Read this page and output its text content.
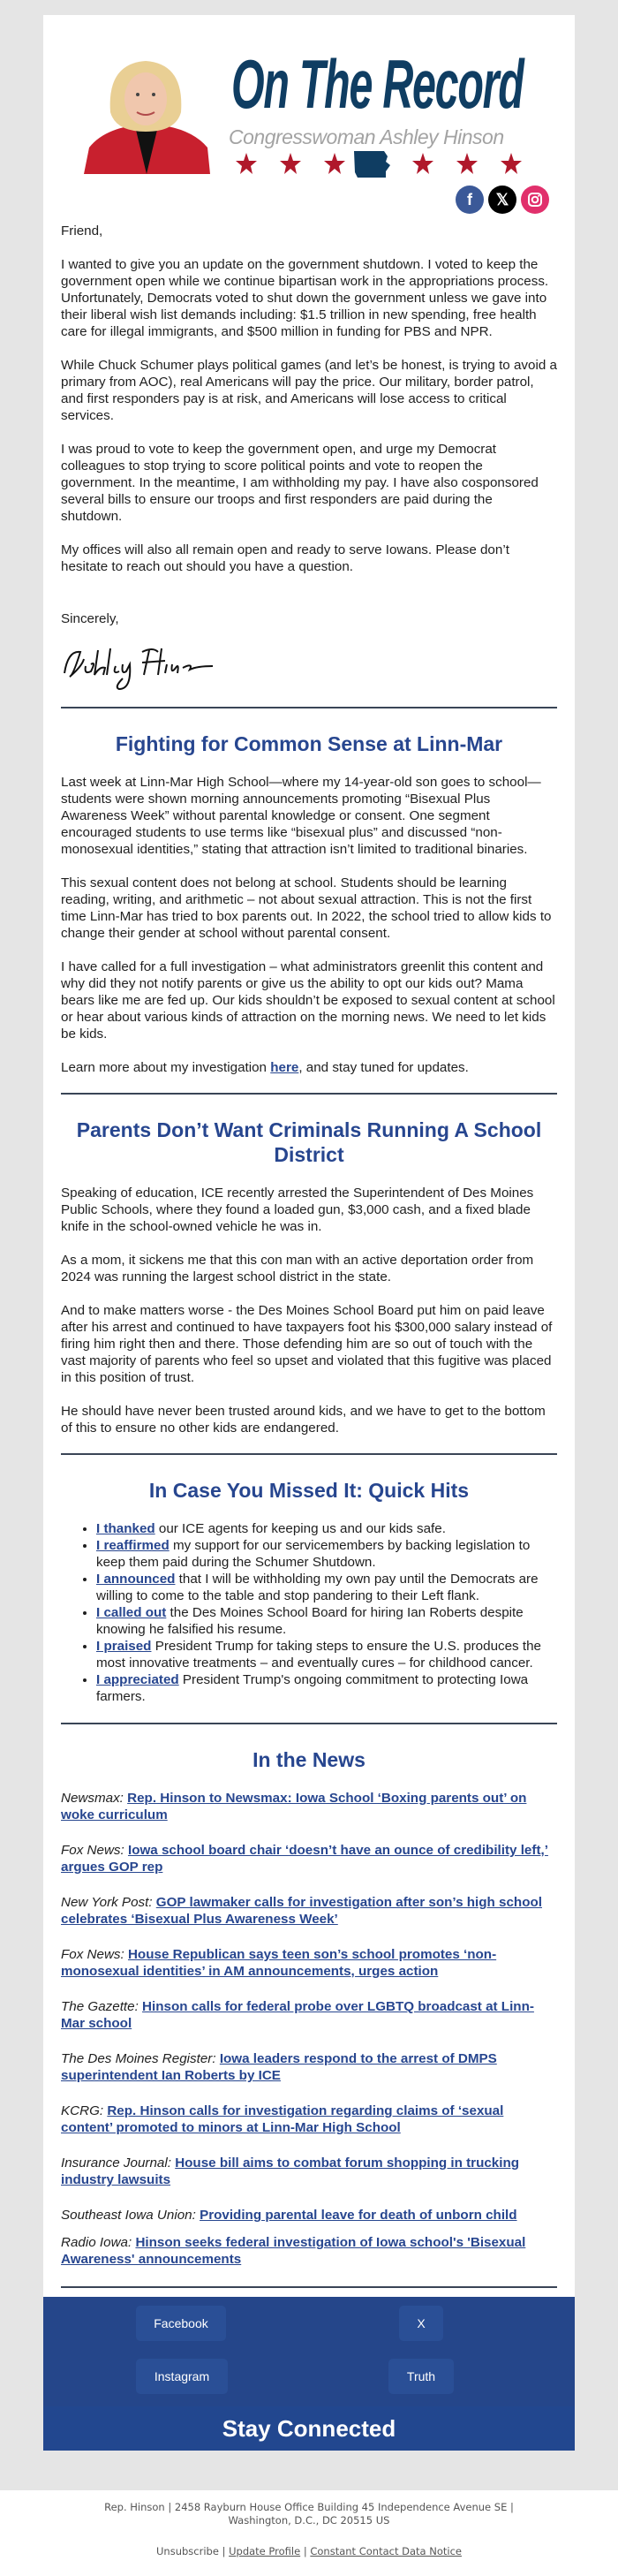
On The Record
Congresswoman Ashley Hinson
f	𝕏

Friend,

I wanted to give you an update on the government shutdown. I voted to keep the government open while we continue bipartisan work in the appropriations process. Unfortunately, Democrats voted to shut down the government unless we gave into their liberal wish list demands including: $1.5 trillion in new spending, free health care for illegal immigrants, and $500 million in funding for PBS and NPR.

While Chuck Schumer plays political games (and let’s be honest, is trying to avoid a primary from AOC), real Americans will pay the price. Our military, border patrol, and first responders pay is at risk, and Americans will lose access to critical services.

I was proud to vote to keep the government open, and urge my Democrat colleagues to stop trying to score political points and vote to reopen the government. In the meantime, I am withholding my pay. I have also cosponsored several bills to ensure our troops and first responders are paid during the shutdown.

My offices will also all remain open and ready to serve Iowans. Please don’t hesitate to reach out should you have a question.

Sincerely,

Fighting for Common Sense at Linn-Mar

Last week at Linn-Mar High School—where my 14-year-old son goes to school—students were shown morning announcements promoting “Bisexual Plus Awareness Week” without parental knowledge or consent. One segment encouraged students to use terms like “bisexual plus” and discussed “non-monosexual identities,” stating that attraction isn’t limited to traditional binaries.

This sexual content does not belong at school. Students should be learning reading, writing, and arithmetic – not about sexual attraction. This is not the first time Linn-Mar has tried to box parents out. In 2022, the school tried to allow kids to change their gender at school without parental consent.

I have called for a full investigation – what administrators greenlit this content and why did they not notify parents or give us the ability to opt our kids out? Mama bears like me are fed up. Our kids shouldn’t be exposed to sexual content at school or hear about various kinds of attraction on the morning news. We need to let kids be kids.

Learn more about my investigation here, and stay tuned for updates.

Parents Don’t Want Criminals Running A School District

Speaking of education, ICE recently arrested the Superintendent of Des Moines Public Schools, where they found a loaded gun, $3,000 cash, and a fixed blade knife in the school-owned vehicle he was in.

As a mom, it sickens me that this con man with an active deportation order from 2024 was running the largest school district in the state.

And to make matters worse - the Des Moines School Board put him on paid leave after his arrest and continued to have taxpayers foot his $300,000 salary instead of firing him right then and there. Those defending him are so out of touch with the vast majority of parents who feel so upset and violated that this fugitive was placed in this position of trust.

He should have never been trusted around kids, and we have to get to the bottom of this to ensure no other kids are endangered.

In Case You Missed It: Quick Hits
• I thanked our ICE agents for keeping us and our kids safe.
• I reaffirmed my support for our servicemembers by backing legislation to keep them paid during the Schumer Shutdown.
• I announced that I will be withholding my own pay until the Democrats are willing to come to the table and stop pandering to their Left flank.
• I called out the Des Moines School Board for hiring Ian Roberts despite knowing he falsified his resume.
• I praised President Trump for taking steps to ensure the U.S. produces the most innovative treatments – and eventually cures – for childhood cancer.
• I appreciated President Trump's ongoing commitment to protecting Iowa farmers.
In the News

Newsmax: Rep. Hinson to Newsmax: Iowa School ‘Boxing parents out’ on woke curriculum

Fox News: Iowa school board chair ‘doesn’t have an ounce of credibility left,’ argues GOP rep

New York Post: GOP lawmaker calls for investigation after son’s high school celebrates ‘Bisexual Plus Awareness Week’

Fox News: House Republican says teen son’s school promotes ‘non-monosexual identities’ in AM announcements, urges action

The Gazette: Hinson calls for federal probe over LGBTQ broadcast at Linn-Mar school

The Des Moines Register: Iowa leaders respond to the arrest of DMPS superintendent Ian Roberts by ICE

KCRG: Rep. Hinson calls for investigation regarding claims of ‘sexual content’ promoted to minors at Linn-Mar High School

Insurance Journal: House bill aims to combat forum shopping in trucking industry lawsuits

Southeast Iowa Union: Providing parental leave for death of unborn child

Radio Iowa: Hinson seeks federal investigation of Iowa school's 'Bisexual Awareness' announcements

Facebook	X
Instagram	Truth
Stay Connected
Rep. Hinson | 2458 Rayburn House Office Building 45 Independence Avenue SE | Washington, D.C., DC 20515 US
Unsubscribe | Update Profile | Constant Contact Data Notice
